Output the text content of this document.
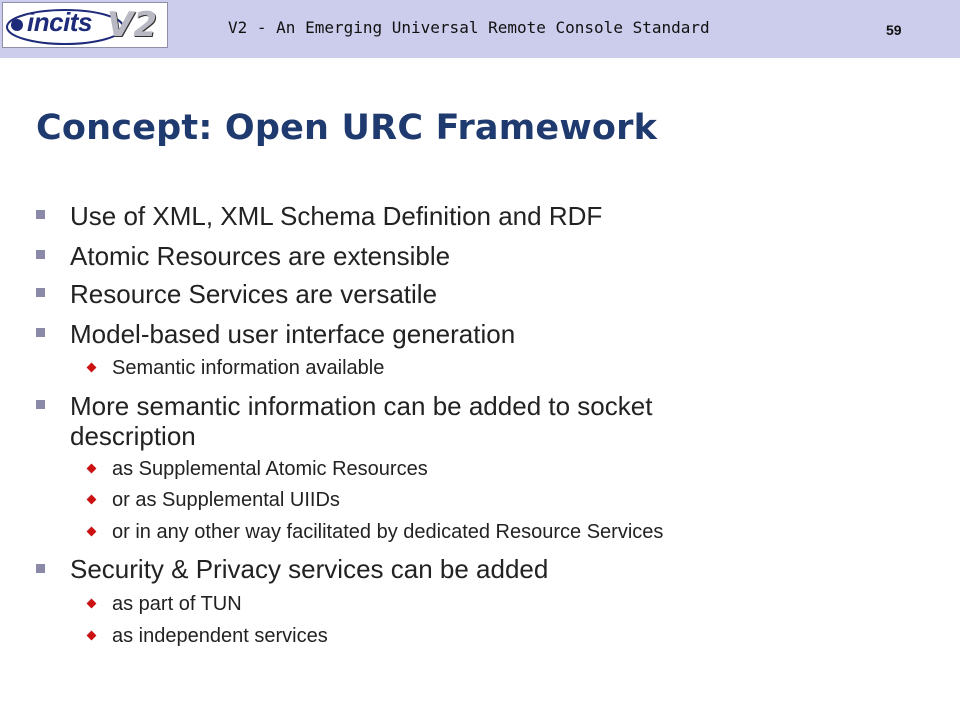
incits V2	V2 - An Emerging Universal Remote Console Standard	59
Concept: Open URC Framework
Use of XML, XML Schema Definition and RDF
Atomic Resources are extensible
Resource Services are versatile
Model-based user interface generation
Semantic information available
More semantic information can be added to socket
description
as Supplemental Atomic Resources
or as Supplemental UIIDs
or in any other way facilitated by dedicated Resource Services
Security & Privacy services can be added
as part of TUN
as independent services
